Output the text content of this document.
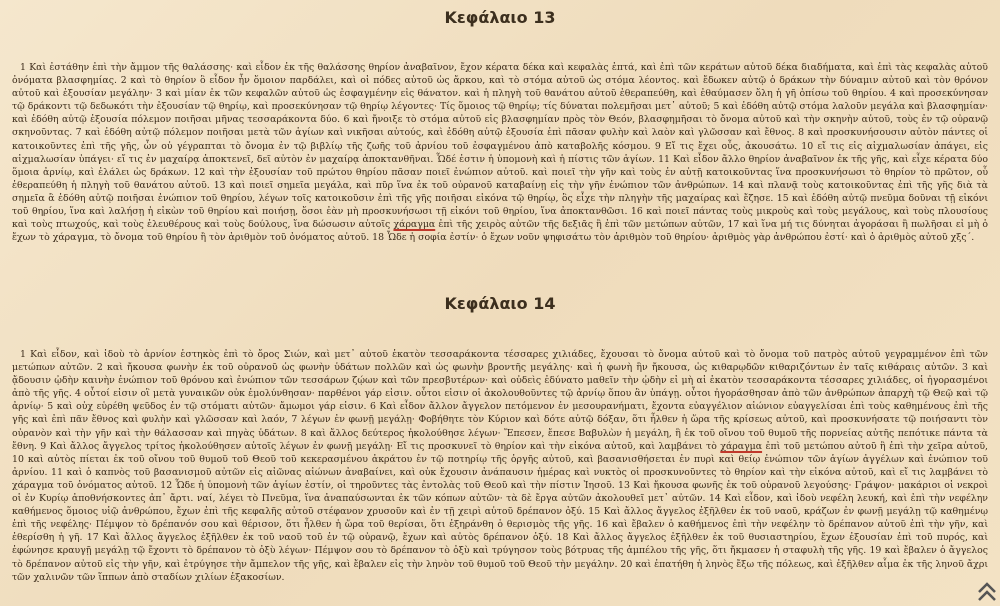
Κεφάλαιο 13

1 Καὶ ἐστάθην ἐπὶ τὴν ἄμμον τῆς θαλάσσης· καὶ εἶδον ἐκ τῆς θαλάσσης θηρίον ἀναβαῖνον, ἔχον κέρατα δέκα καὶ κεφαλὰς ἑπτά, καὶ ἐπὶ τῶν κεράτων αὐτοῦ δέκα διαδήματα, καὶ ἐπὶ τὰς κεφαλὰς αὐτοῦ ὀνόματα βλασφημίας. 2 καὶ τὸ θηρίον ὃ εἶδον ἦν ὅμοιον παρδάλει, καὶ οἱ πόδες αὐτοῦ ὡς ἄρκου, καὶ τὸ στόμα αὐτοῦ ὡς στόμα λέοντος. καὶ ἔδωκεν αὐτῷ ὁ δράκων τὴν δύναμιν αὐτοῦ καὶ τὸν θρόνον αὐτοῦ καὶ ἐξουσίαν μεγάλην· 3 καὶ μίαν ἐκ τῶν κεφαλῶν αὐτοῦ ὡς ἐσφαγμένην εἰς θάνατον. καὶ ἡ πληγὴ τοῦ θανάτου αὐτοῦ ἐθεραπεύθη, καὶ ἐθαύμασεν ὅλη ἡ γῆ ὀπίσω τοῦ θηρίου. 4 καὶ προσεκύνησαν τῷ δράκοντι τῷ δεδωκότι τὴν ἐξουσίαν τῷ θηρίῳ, καὶ προσεκύνησαν τῷ θηρίῳ λέγοντες· Τίς ὅμοιος τῷ θηρίῳ; τίς δύναται πολεμῆσαι μετ᾽ αὐτοῦ; 5 καὶ ἐδόθη αὐτῷ στόμα λαλοῦν μεγάλα καὶ βλασφημίαν· καὶ ἐδόθη αὐτῷ ἐξουσία πόλεμον ποιῆσαι μῆνας τεσσαράκοντα δύο. 6 καὶ ἤνοιξε τὸ στόμα αὐτοῦ εἰς βλασφημίαν πρὸς τὸν Θεόν, βλασφημῆσαι τὸ ὄνομα αὐτοῦ καὶ τὴν σκηνὴν αὐτοῦ, τοὺς ἐν τῷ οὐρανῷ σκηνοῦντας. 7 καὶ ἐδόθη αὐτῷ πόλεμον ποιῆσαι μετὰ τῶν ἁγίων καὶ νικῆσαι αὐτούς, καὶ ἐδόθη αὐτῷ ἐξουσία ἐπὶ πᾶσαν φυλὴν καὶ λαὸν καὶ γλῶσσαν καὶ ἔθνος. 8 καὶ προσκυνήσουσιν αὐτὸν πάντες οἱ κατοικοῦντες ἐπὶ τῆς γῆς, ὧν οὐ γέγραπται τὸ ὄνομα ἐν τῷ βιβλίῳ τῆς ζωῆς τοῦ ἀρνίου τοῦ ἐσφαγμένου ἀπὸ καταβολῆς κόσμου. 9 Εἴ τις ἔχει οὖς, ἀκουσάτω. 10 εἴ τις εἰς αἰχμαλωσίαν ἀπάγει, εἰς αἰχμαλωσίαν ὑπάγει· εἴ τις ἐν μαχαίρᾳ ἀποκτενεῖ, δεῖ αὐτὸν ἐν μαχαίρᾳ ἀποκτανθῆναι. Ὧδέ ἐστιν ἡ ὑπομονὴ καὶ ἡ πίστις τῶν ἁγίων. 11 Καὶ εἶδον ἄλλο θηρίον ἀναβαῖνον ἐκ τῆς γῆς, καὶ εἶχε κέρατα δύο ὅμοια ἀρνίῳ, καὶ ἐλάλει ὡς δράκων. 12 καὶ τὴν ἐξουσίαν τοῦ πρώτου θηρίου πᾶσαν ποιεῖ ἐνώπιον αὐτοῦ. καὶ ποιεῖ τὴν γῆν καὶ τοὺς ἐν αὐτῇ κατοικοῦντας ἵνα προσκυνήσωσι τὸ θηρίον τὸ πρῶτον, οὗ ἐθεραπεύθη ἡ πληγὴ τοῦ θανάτου αὐτοῦ. 13 καὶ ποιεῖ σημεῖα μεγάλα, καὶ πῦρ ἵνα ἐκ τοῦ οὐρανοῦ καταβαίνῃ εἰς τὴν γῆν ἐνώπιον τῶν ἀνθρώπων. 14 καὶ πλανᾷ τοὺς κατοικοῦντας ἐπὶ τῆς γῆς διὰ τὰ σημεῖα ἃ ἐδόθη αὐτῷ ποιῆσαι ἐνώπιον τοῦ θηρίου, λέγων τοῖς κατοικοῦσιν ἐπὶ τῆς γῆς ποιῆσαι εἰκόνα τῷ θηρίῳ, ὃς εἶχε τὴν πληγὴν τῆς μαχαίρας καὶ ἔζησε. 15 καὶ ἐδόθη αὐτῷ πνεῦμα δοῦναι τῇ εἰκόνι τοῦ θηρίου, ἵνα καὶ λαλήσῃ ἡ εἰκὼν τοῦ θηρίου καὶ ποιήσῃ, ὅσοι ἐὰν μὴ προσκυνήσωσι τῇ εἰκόνι τοῦ θηρίου, ἵνα ἀποκτανθῶσι. 16 καὶ ποιεῖ πάντας τοὺς μικροὺς καὶ τοὺς μεγάλους, καὶ τοὺς πλουσίους καὶ τοὺς πτωχούς, καὶ τοὺς ἐλευθέρους καὶ τοὺς δούλους, ἵνα δώσωσιν αὐτοῖς χάραγμα ἐπὶ τῆς χειρὸς αὐτῶν τῆς δεξιᾶς ἢ ἐπὶ τῶν μετώπων αὐτῶν, 17 καὶ ἵνα μή τις δύνηται ἀγοράσαι ἢ πωλῆσαι εἰ μὴ ὁ ἔχων τὸ χάραγμα, τὸ ὄνομα τοῦ θηρίου ἢ τὸν ἀριθμὸν τοῦ ὀνόματος αὐτοῦ. 18 Ὧδε ἡ σοφία ἐστίν· ὁ ἔχων νοῦν ψηφισάτω τὸν ἀριθμὸν τοῦ θηρίου· ἀριθμὸς γὰρ ἀνθρώπου ἐστί· καὶ ὁ ἀριθμὸς αὐτοῦ χξς΄.

Κεφάλαιο 14

1 Καὶ εἶδον, καὶ ἰδοὺ τὸ ἀρνίον ἑστηκὸς ἐπὶ τὸ ὄρος Σιών, καὶ μετ᾽ αὐτοῦ ἑκατὸν τεσσαράκοντα τέσσαρες χιλιάδες, ἔχουσαι τὸ ὄνομα αὐτοῦ καὶ τὸ ὄνομα τοῦ πατρὸς αὐτοῦ γεγραμμένον ἐπὶ τῶν μετώπων αὐτῶν. 2 καὶ ἤκουσα φωνὴν ἐκ τοῦ οὐρανοῦ ὡς φωνὴν ὑδάτων πολλῶν καὶ ὡς φωνὴν βροντῆς μεγάλης· καὶ ἡ φωνὴ ἣν ἤκουσα, ὡς κιθαρῳδῶν κιθαριζόντων ἐν ταῖς κιθάραις αὐτῶν. 3 καὶ ᾄδουσιν ᾠδὴν καινὴν ἐνώπιον τοῦ θρόνου καὶ ἐνώπιον τῶν τεσσάρων ζῴων καὶ τῶν πρεσβυτέρων· καὶ οὐδεὶς ἐδύνατο μαθεῖν τὴν ᾠδὴν εἰ μὴ αἱ ἑκατὸν τεσσαράκοντα τέσσαρες χιλιάδες, οἱ ἠγορασμένοι ἀπὸ τῆς γῆς. 4 οὗτοί εἰσιν οἳ μετὰ γυναικῶν οὐκ ἐμολύνθησαν· παρθένοι γάρ εἰσιν. οὗτοι εἰσιν οἱ ἀκολουθοῦντες τῷ ἀρνίῳ ὅπου ἂν ὑπάγῃ. οὗτοι ἠγοράσθησαν ἀπὸ τῶν ἀνθρώπων ἀπαρχὴ τῷ Θεῷ καὶ τῷ ἀρνίῳ· 5 καὶ οὐχ εὑρέθη ψεῦδος ἐν τῷ στόματι αὐτῶν· ἄμωμοι γάρ εἰσιν. 6 Καὶ εἶδον ἄλλον ἄγγελον πετόμενον ἐν μεσουρανήματι, ἔχοντα εὐαγγέλιον αἰώνιον εὐαγγελίσαι ἐπὶ τοὺς καθημένους ἐπὶ τῆς γῆς καὶ ἐπὶ πᾶν ἔθνος καὶ φυλὴν καὶ γλῶσσαν καὶ λαόν, 7 λέγων ἐν φωνῇ μεγάλῃ· Φοβήθητε τὸν Κύριον καὶ δότε αὐτῷ δόξαν, ὅτι ἦλθεν ἡ ὥρα τῆς κρίσεως αὐτοῦ, καὶ προσκυνήσατε τῷ ποιήσαντι τὸν οὐρανὸν καὶ τὴν γῆν καὶ τὴν θάλασσαν καὶ πηγὰς ὑδάτων. 8 καὶ ἄλλος δεύτερος ἠκολούθησε λέγων· Ἔπεσεν, ἔπεσε Βαβυλὼν ἡ μεγάλη, ἣ ἐκ τοῦ οἴνου τοῦ θυμοῦ τῆς πορνείας αὐτῆς πεπότικε πάντα τὰ ἔθνη. 9 Καὶ ἄλλος ἄγγελος τρίτος ἠκολούθησεν αὐτοῖς λέγων ἐν φωνῇ μεγάλῃ· Εἴ τις προσκυνεῖ τὸ θηρίον καὶ τὴν εἰκόνα αὐτοῦ, καὶ λαμβάνει τὸ χάραγμα ἐπὶ τοῦ μετώπου αὐτοῦ ἢ ἐπὶ τὴν χεῖρα αὐτοῦ, 10 καὶ αὐτὸς πίεται ἐκ τοῦ οἴνου τοῦ θυμοῦ τοῦ Θεοῦ τοῦ κεκερασμένου ἀκράτου ἐν τῷ ποτηρίῳ τῆς ὀργῆς αὐτοῦ, καὶ βασανισθήσεται ἐν πυρὶ καὶ θείῳ ἐνώπιον τῶν ἁγίων ἀγγέλων καὶ ἐνώπιον τοῦ ἀρνίου. 11 καὶ ὁ καπνὸς τοῦ βασανισμοῦ αὐτῶν εἰς αἰῶνας αἰώνων ἀναβαίνει, καὶ οὐκ ἔχουσιν ἀνάπαυσιν ἡμέρας καὶ νυκτὸς οἱ προσκυνοῦντες τὸ θηρίον καὶ τὴν εἰκόνα αὐτοῦ, καὶ εἴ τις λαμβάνει τὸ χάραγμα τοῦ ὀνόματος αὐτοῦ. 12 Ὧδε ἡ ὑπομονὴ τῶν ἁγίων ἐστίν, οἱ τηροῦντες τὰς ἐντολὰς τοῦ Θεοῦ καὶ τὴν πίστιν Ἰησοῦ. 13 Καὶ ἤκουσα φωνῆς ἐκ τοῦ οὐρανοῦ λεγούσης· Γράψον· μακάριοι οἱ νεκροὶ οἱ ἐν Κυρίῳ ἀποθνήσκοντες ἀπ᾽ ἄρτι. ναί, λέγει τὸ Πνεῦμα, ἵνα ἀναπαύσωνται ἐκ τῶν κόπων αὐτῶν· τὰ δὲ ἔργα αὐτῶν ἀκολουθεῖ μετ᾽ αὐτῶν. 14 Καὶ εἶδον, καὶ ἰδοὺ νεφέλη λευκή, καὶ ἐπὶ τὴν νεφέλην καθήμενος ὅμοιος υἱῷ ἀνθρώπου, ἔχων ἐπὶ τῆς κεφαλῆς αὐτοῦ στέφανον χρυσοῦν καὶ ἐν τῇ χειρὶ αὐτοῦ δρέπανον ὀξύ. 15 Καὶ ἄλλος ἄγγελος ἐξῆλθεν ἐκ τοῦ ναοῦ, κράζων ἐν φωνῇ μεγάλῃ τῷ καθημένῳ ἐπὶ τῆς νεφέλης· Πέμψον τὸ δρέπανόν σου καὶ θέρισον, ὅτι ἦλθεν ἡ ὥρα τοῦ θερίσαι, ὅτι ἐξηράνθη ὁ θερισμὸς τῆς γῆς. 16 καὶ ἔβαλεν ὁ καθήμενος ἐπὶ τὴν νεφέλην τὸ δρέπανον αὐτοῦ ἐπὶ τὴν γῆν, καὶ ἐθερίσθη ἡ γῆ. 17 Καὶ ἄλλος ἄγγελος ἐξῆλθεν ἐκ τοῦ ναοῦ τοῦ ἐν τῷ οὐρανῷ, ἔχων καὶ αὐτὸς δρέπανον ὀξύ. 18 Καὶ ἄλλος ἄγγελος ἐξῆλθεν ἐκ τοῦ θυσιαστηρίου, ἔχων ἐξουσίαν ἐπὶ τοῦ πυρός, καὶ ἐφώνησε κραυγῇ μεγάλῃ τῷ ἔχοντι τὸ δρέπανον τὸ ὀξὺ λέγων· Πέμψον σου τὸ δρέπανον τὸ ὀξὺ καὶ τρύγησον τοὺς βότρυας τῆς ἀμπέλου τῆς γῆς, ὅτι ἤκμασεν ἡ σταφυλὴ τῆς γῆς. 19 καὶ ἔβαλεν ὁ ἄγγελος τὸ δρέπανον αὐτοῦ εἰς τὴν γῆν, καὶ ἐτρύγησε τὴν ἄμπελον τῆς γῆς, καὶ ἔβαλεν εἰς τὴν ληνὸν τοῦ θυμοῦ τοῦ Θεοῦ τὴν μεγάλην. 20 καὶ ἐπατήθη ἡ ληνὸς ἔξω τῆς πόλεως, καὶ ἐξῆλθεν αἷμα ἐκ τῆς ληνοῦ ἄχρι τῶν χαλινῶν τῶν ἵππων ἀπὸ σταδίων χιλίων ἑξακοσίων.
